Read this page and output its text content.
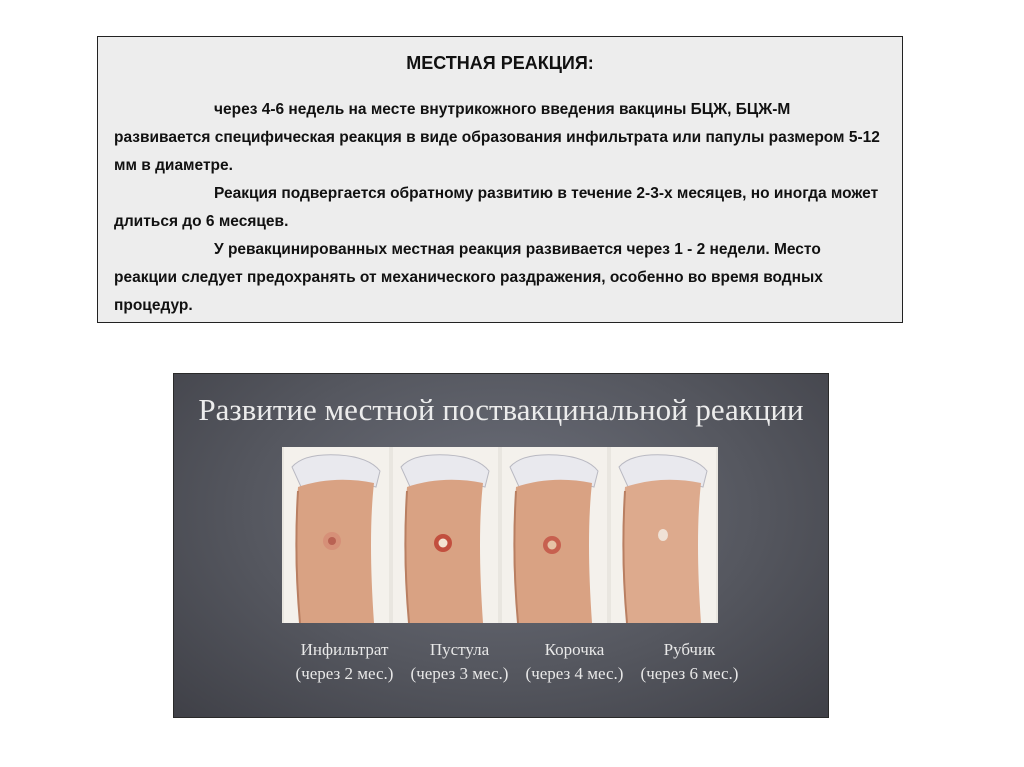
МЕСТНАЯ РЕАКЦИЯ:

через 4-6 недель на месте внутрикожного введения вакцины БЦЖ, БЦЖ-М развивается специфическая реакция в виде образования инфильтрата или папулы размером 5-12 мм в диаметре.

Реакция подвергается обратному развитию в течение 2-3-х месяцев, но иногда может длиться до 6 месяцев.

У ревакцинированных местная реакция развивается через 1 - 2 недели. Место реакции следует предохранять от механического раздражения, особенно во время водных процедур.

Развитие местной поствакцинальной реакции
Инфильтрат
(через 2 мес.)
Пустула
(через 3 мес.)
Корочка
(через 4 мес.)
Рубчик
(через 6 мес.)
